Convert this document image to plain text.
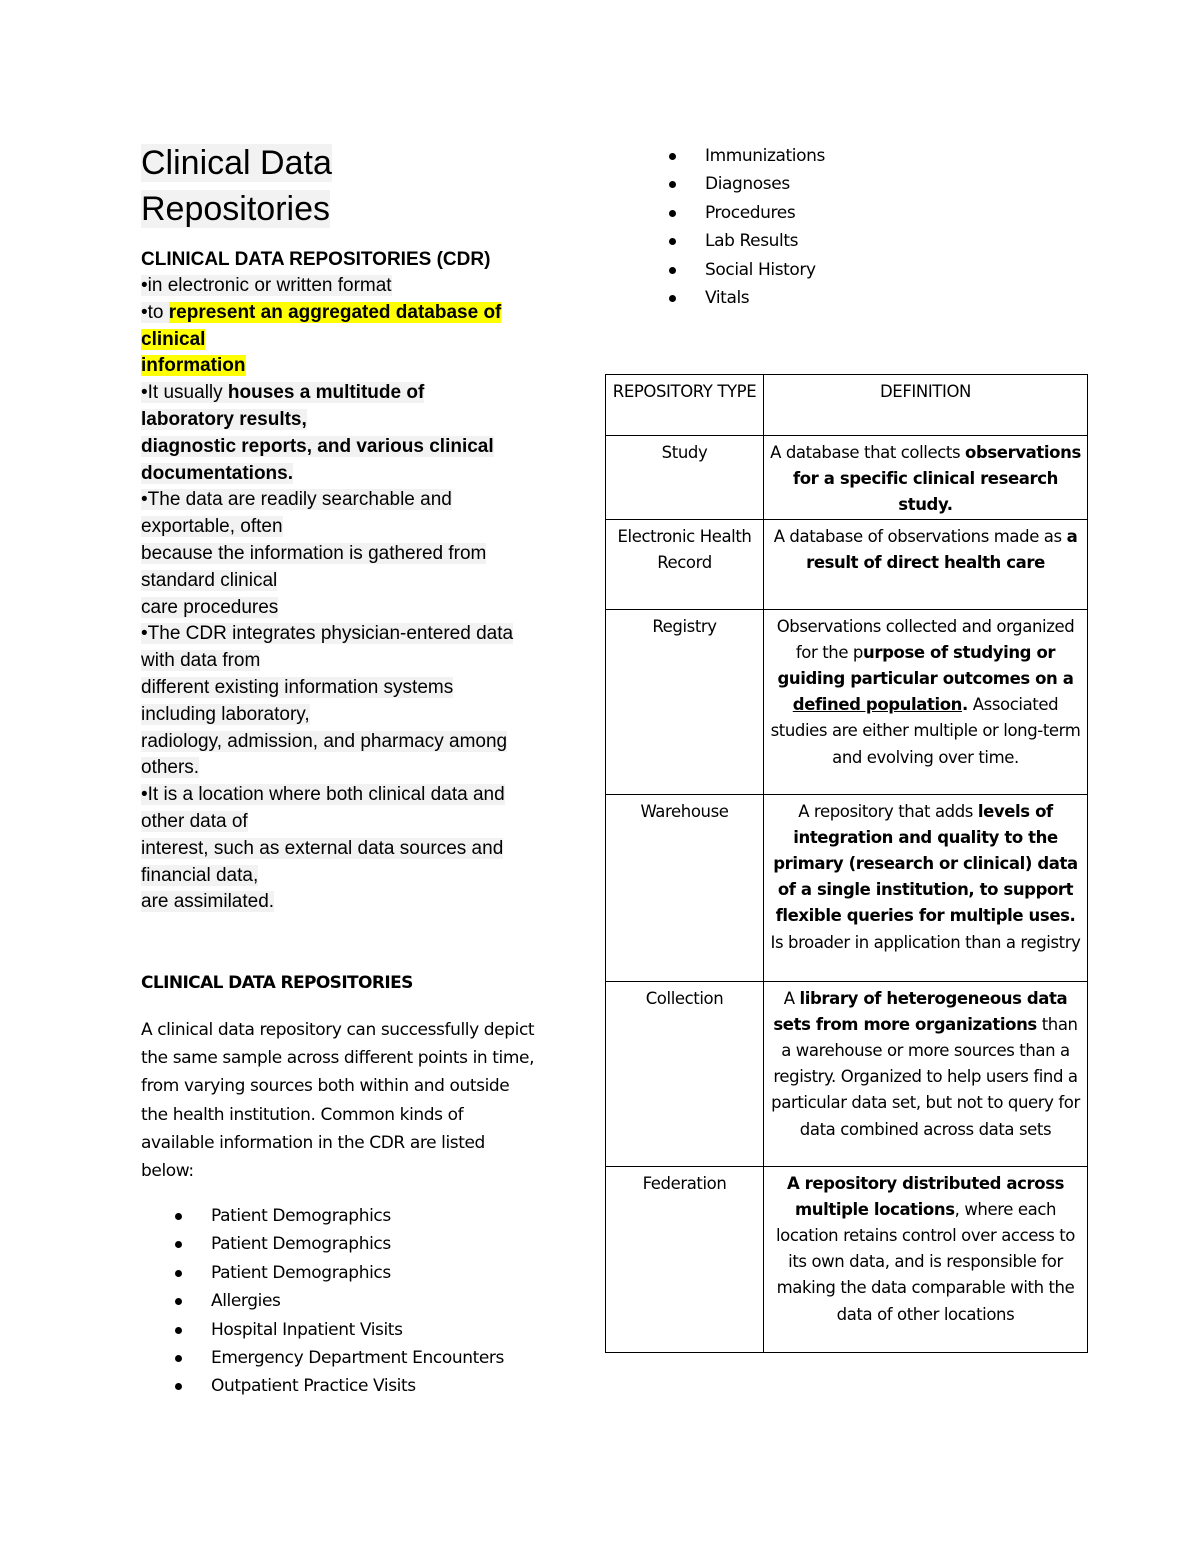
Clinical Data
Repositories

CLINICAL DATA REPOSITORIES (CDR)

•in electronic or written format
•to represent an aggregated database of
clinical
information
•It usually houses a multitude of
laboratory results,
diagnostic reports, and various clinical
documentations.
•The data are readily searchable and
exportable, often
because the information is gathered from
standard clinical
care procedures
•The CDR integrates physician-entered data
with data from
different existing information systems
including laboratory,
radiology, admission, and pharmacy among
others.
•It is a location where both clinical data and
other data of
interest, such as external data sources and
financial data,
are assimilated.
CLINICAL DATA REPOSITORIES
A clinical data repository can successfully depict
the same sample across different points in time,
from varying sources both within and outside
the health institution. Common kinds of
available information in the CDR are listed
below:
Patient Demographics
Patient Demographics
Patient Demographics
Allergies
Hospital Inpatient Visits
Emergency Department Encounters
Outpatient Practice Visits
Immunizations
Diagnoses
Procedures
Lab Results
Social History
Vitals
REPOSITORY TYPE	DEFINITION
Study	A database that collects observations for a specific clinical research study.
Electronic Health Record	A database of observations made as a result of direct health care
Registry	Observations collected and organized for the purpose of studying or guiding particular outcomes on a defined population. Associated studies are either multiple or long-term and evolving over time.
Warehouse	A repository that adds levels of integration and quality to the primary (research or clinical) data of a single institution, to support flexible queries for multiple uses. Is broader in application than a registry
Collection	A library of heterogeneous data sets from more organizations than a warehouse or more sources than a registry. Organized to help users find a particular data set, but not to query for data combined across data sets
Federation	A repository distributed across multiple locations, where each location retains control over access to its own data, and is responsible for making the data comparable with the data of other locations
